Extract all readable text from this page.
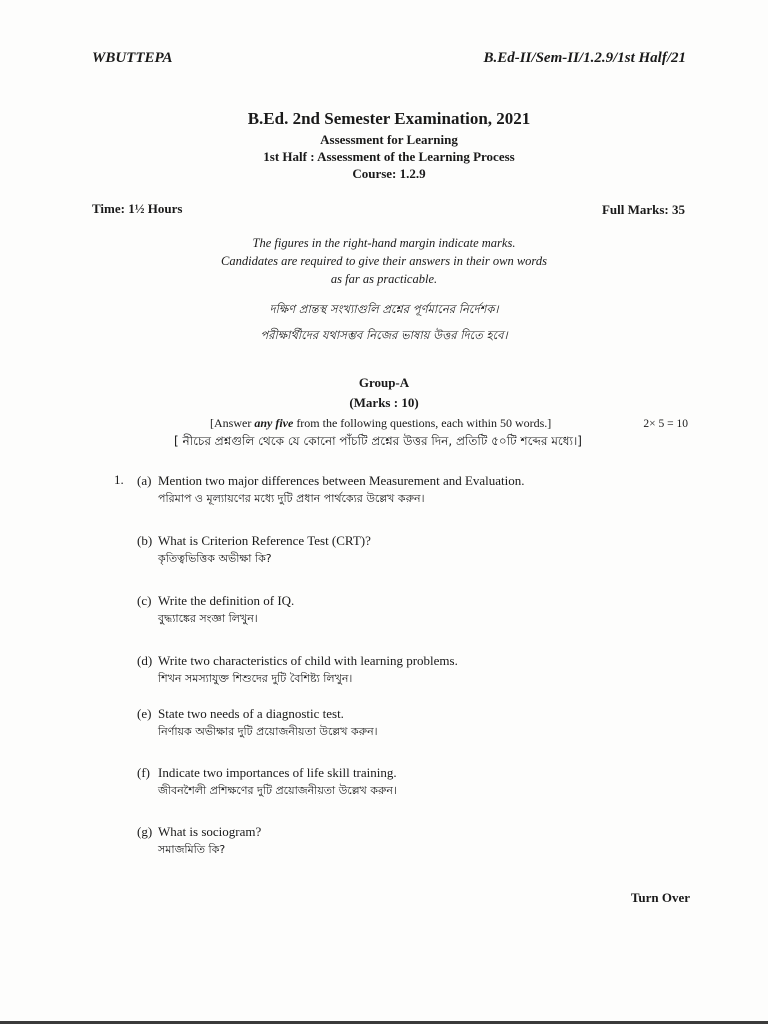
WBUTTEPA	B.Ed-II/Sem-II/1.2.9/1st Half/21
B.Ed. 2nd Semester Examination, 2021
Assessment for Learning
1st Half : Assessment of the Learning Process
Course: 1.2.9
Time: 1½ Hours	Full Marks: 35
The figures in the right-hand margin indicate marks.
Candidates are required to give their answers in their own words
as far as practicable.
দক্ষিণ প্রান্তস্থ সংখ্যাগুলি প্রশ্নের পূর্ণমানের নির্দেশক।
পরীক্ষার্থীদের যথাসম্ভব নিজের ভাষায় উত্তর দিতে হবে।
Group-A
(Marks : 10)
[Answer any five from the following questions, each within 50 words.]	2× 5 = 10
[ নীচের প্রশ্নগুলি থেকে যে কোনো পাঁচটি প্রশ্নের উত্তর দিন, প্রতিটি ৫০টি শব্দের মধ্যে।]
1. (a) Mention two major differences between Measurement and Evaluation.
পরিমাপ ও মূল্যায়ণের মধ্যে দুটি প্রধান পার্থক্যের উল্লেখ করুন।
(b) What is Criterion Reference Test (CRT)?
কৃতিত্বভিত্তিক অভীক্ষা কি?
(c) Write the definition of IQ.
বুদ্ধ্যাঙ্কের সংজ্ঞা লিখুন।
(d) Write two characteristics of child with learning problems.
শিখন সমস্যাযুক্ত শিশুদের দুটি বৈশিষ্ট্য লিখুন।
(e) State two needs of a diagnostic test.
নির্ণায়ক অভীক্ষার দুটি প্রয়োজনীয়তা উল্লেখ করুন।
(f) Indicate two importances of life skill training.
জীবনশৈলী প্রশিক্ষণের দুটি প্রয়োজনীয়তা উল্লেখ করুন।
(g) What is sociogram?
সমাজমিতি কি?
Turn Over
